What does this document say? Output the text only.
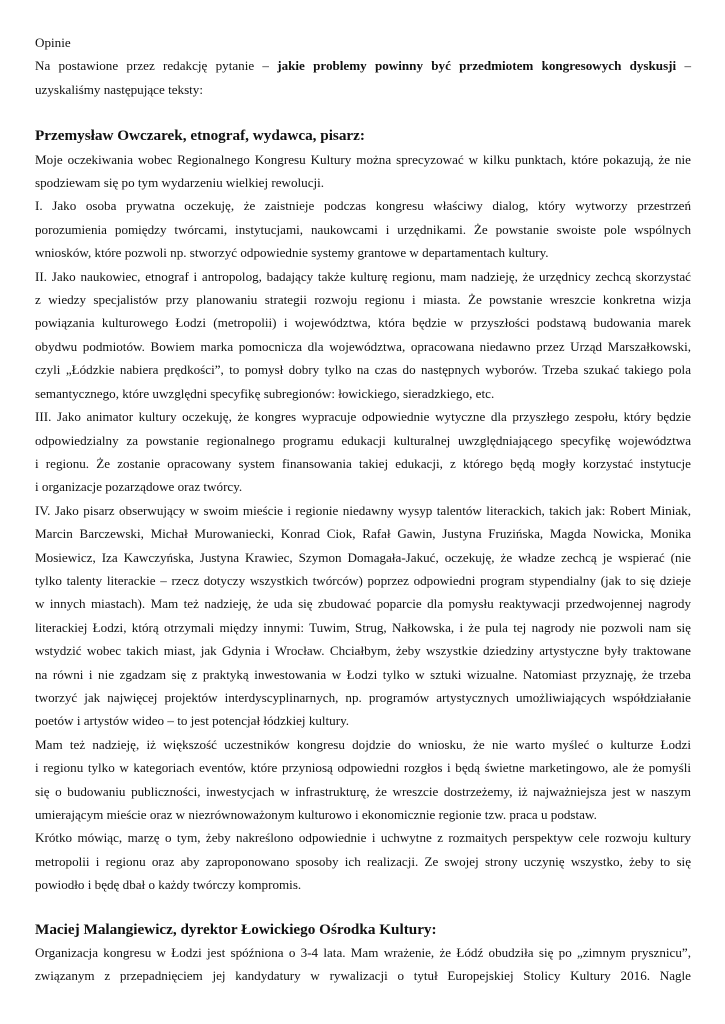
Opinie

Na postawione przez redakcję pytanie – jakie problemy powinny być przedmiotem kongresowych dyskusji –

uzyskaliśmy następujące teksty:

Przemysław Owczarek, etnograf, wydawca, pisarz:

Moje oczekiwania wobec Regionalnego Kongresu Kultury można sprecyzować w kilku punktach, które pokazują, że nie

spodziewam się po tym wydarzeniu wielkiej rewolucji.

I. Jako osoba prywatna oczekuję, że zaistnieje podczas kongresu właściwy dialog, który wytworzy przestrzeń

porozumienia pomiędzy twórcami, instytucjami, naukowcami i urzędnikami. Że powstanie swoiste pole wspólnych

wniosków, które pozwoli np. stworzyć odpowiednie systemy grantowe w departamentach kultury.

II. Jako naukowiec, etnograf i antropolog, badający także kulturę regionu, mam nadzieję, że urzędnicy zechcą skorzystać

z wiedzy specjalistów przy planowaniu strategii rozwoju regionu i miasta. Że powstanie wreszcie konkretna wizja

powiązania kulturowego Łodzi (metropolii) i województwa, która będzie w przyszłości podstawą budowania marek

obydwu podmiotów. Bowiem marka pomocnicza dla województwa, opracowana niedawno przez Urząd Marszałkowski,

czyli „Łódzkie nabiera prędkości”, to pomysł dobry tylko na czas do następnych wyborów. Trzeba szukać takiego pola

semantycznego, które uwzględni specyfikę subregionów: łowickiego, sieradzkiego, etc.

III. Jako animator kultury oczekuję, że kongres wypracuje odpowiednie wytyczne dla przyszłego zespołu, który będzie

odpowiedzialny za powstanie regionalnego programu edukacji kulturalnej uwzględniającego specyfikę województwa

i regionu. Że zostanie opracowany system finansowania takiej edukacji, z którego będą mogły korzystać instytucje

i organizacje pozarządowe oraz twórcy.

IV. Jako pisarz obserwujący w swoim mieście i regionie niedawny wysyp talentów literackich, takich jak: Robert Miniak,

Marcin Barczewski, Michał Murowaniecki, Konrad Ciok, Rafał Gawin, Justyna Fruzińska, Magda Nowicka, Monika

Mosiewicz, Iza Kawczyńska, Justyna Krawiec, Szymon Domagała-Jakuć, oczekuję, że władze zechcą je wspierać (nie

tylko talenty literackie – rzecz dotyczy wszystkich twórców) poprzez odpowiedni program stypendialny (jak to się dzieje

w innych miastach). Mam też nadzieję, że uda się zbudować poparcie dla pomysłu reaktywacji przedwojennej nagrody

literackiej Łodzi, którą otrzymali między innymi: Tuwim, Strug, Nałkowska, i że pula tej nagrody nie pozwoli nam się

wstydzić wobec takich miast, jak Gdynia i Wrocław. Chciałbym, żeby wszystkie dziedziny artystyczne były traktowane

na równi i nie zgadzam się z praktyką inwestowania w Łodzi tylko w sztuki wizualne. Natomiast przyznaję, że trzeba

tworzyć jak najwięcej projektów interdyscyplinarnych, np. programów artystycznych umożliwiających współdziałanie

poetów i artystów wideo – to jest potencjał łódzkiej kultury.

Mam też nadzieję, iż większość uczestników kongresu dojdzie do wniosku, że nie warto myśleć o kulturze Łodzi

i regionu tylko w kategoriach eventów, które przyniosą odpowiedni rozgłos i będą świetne marketingowo, ale że pomyśli

się o budowaniu publiczności, inwestycjach w infrastrukturę, że wreszcie dostrzeżemy, iż najważniejsza jest w naszym

umierającym mieście oraz w niezrównoważonym kulturowo i ekonomicznie regionie tzw. praca u podstaw.

Krótko mówiąc, marzę o tym, żeby nakreślono odpowiednie i uchwytne z rozmaitych perspektyw cele rozwoju kultury

metropolii i regionu oraz aby zaproponowano sposoby ich realizacji. Ze swojej strony uczynię wszystko, żeby to się

powiodło i będę dbał o każdy twórczy kompromis.

Maciej Malangiewicz, dyrektor Łowickiego Ośrodka Kultury:

Organizacja kongresu w Łodzi jest spóźniona o 3-4 lata. Mam wrażenie, że Łódź obudziła się po „zimnym prysznicu”,

związanym z przepadnięciem jej kandydatury w rywalizacji o tytuł Europejskiej Stolicy Kultury 2016. Nagle
